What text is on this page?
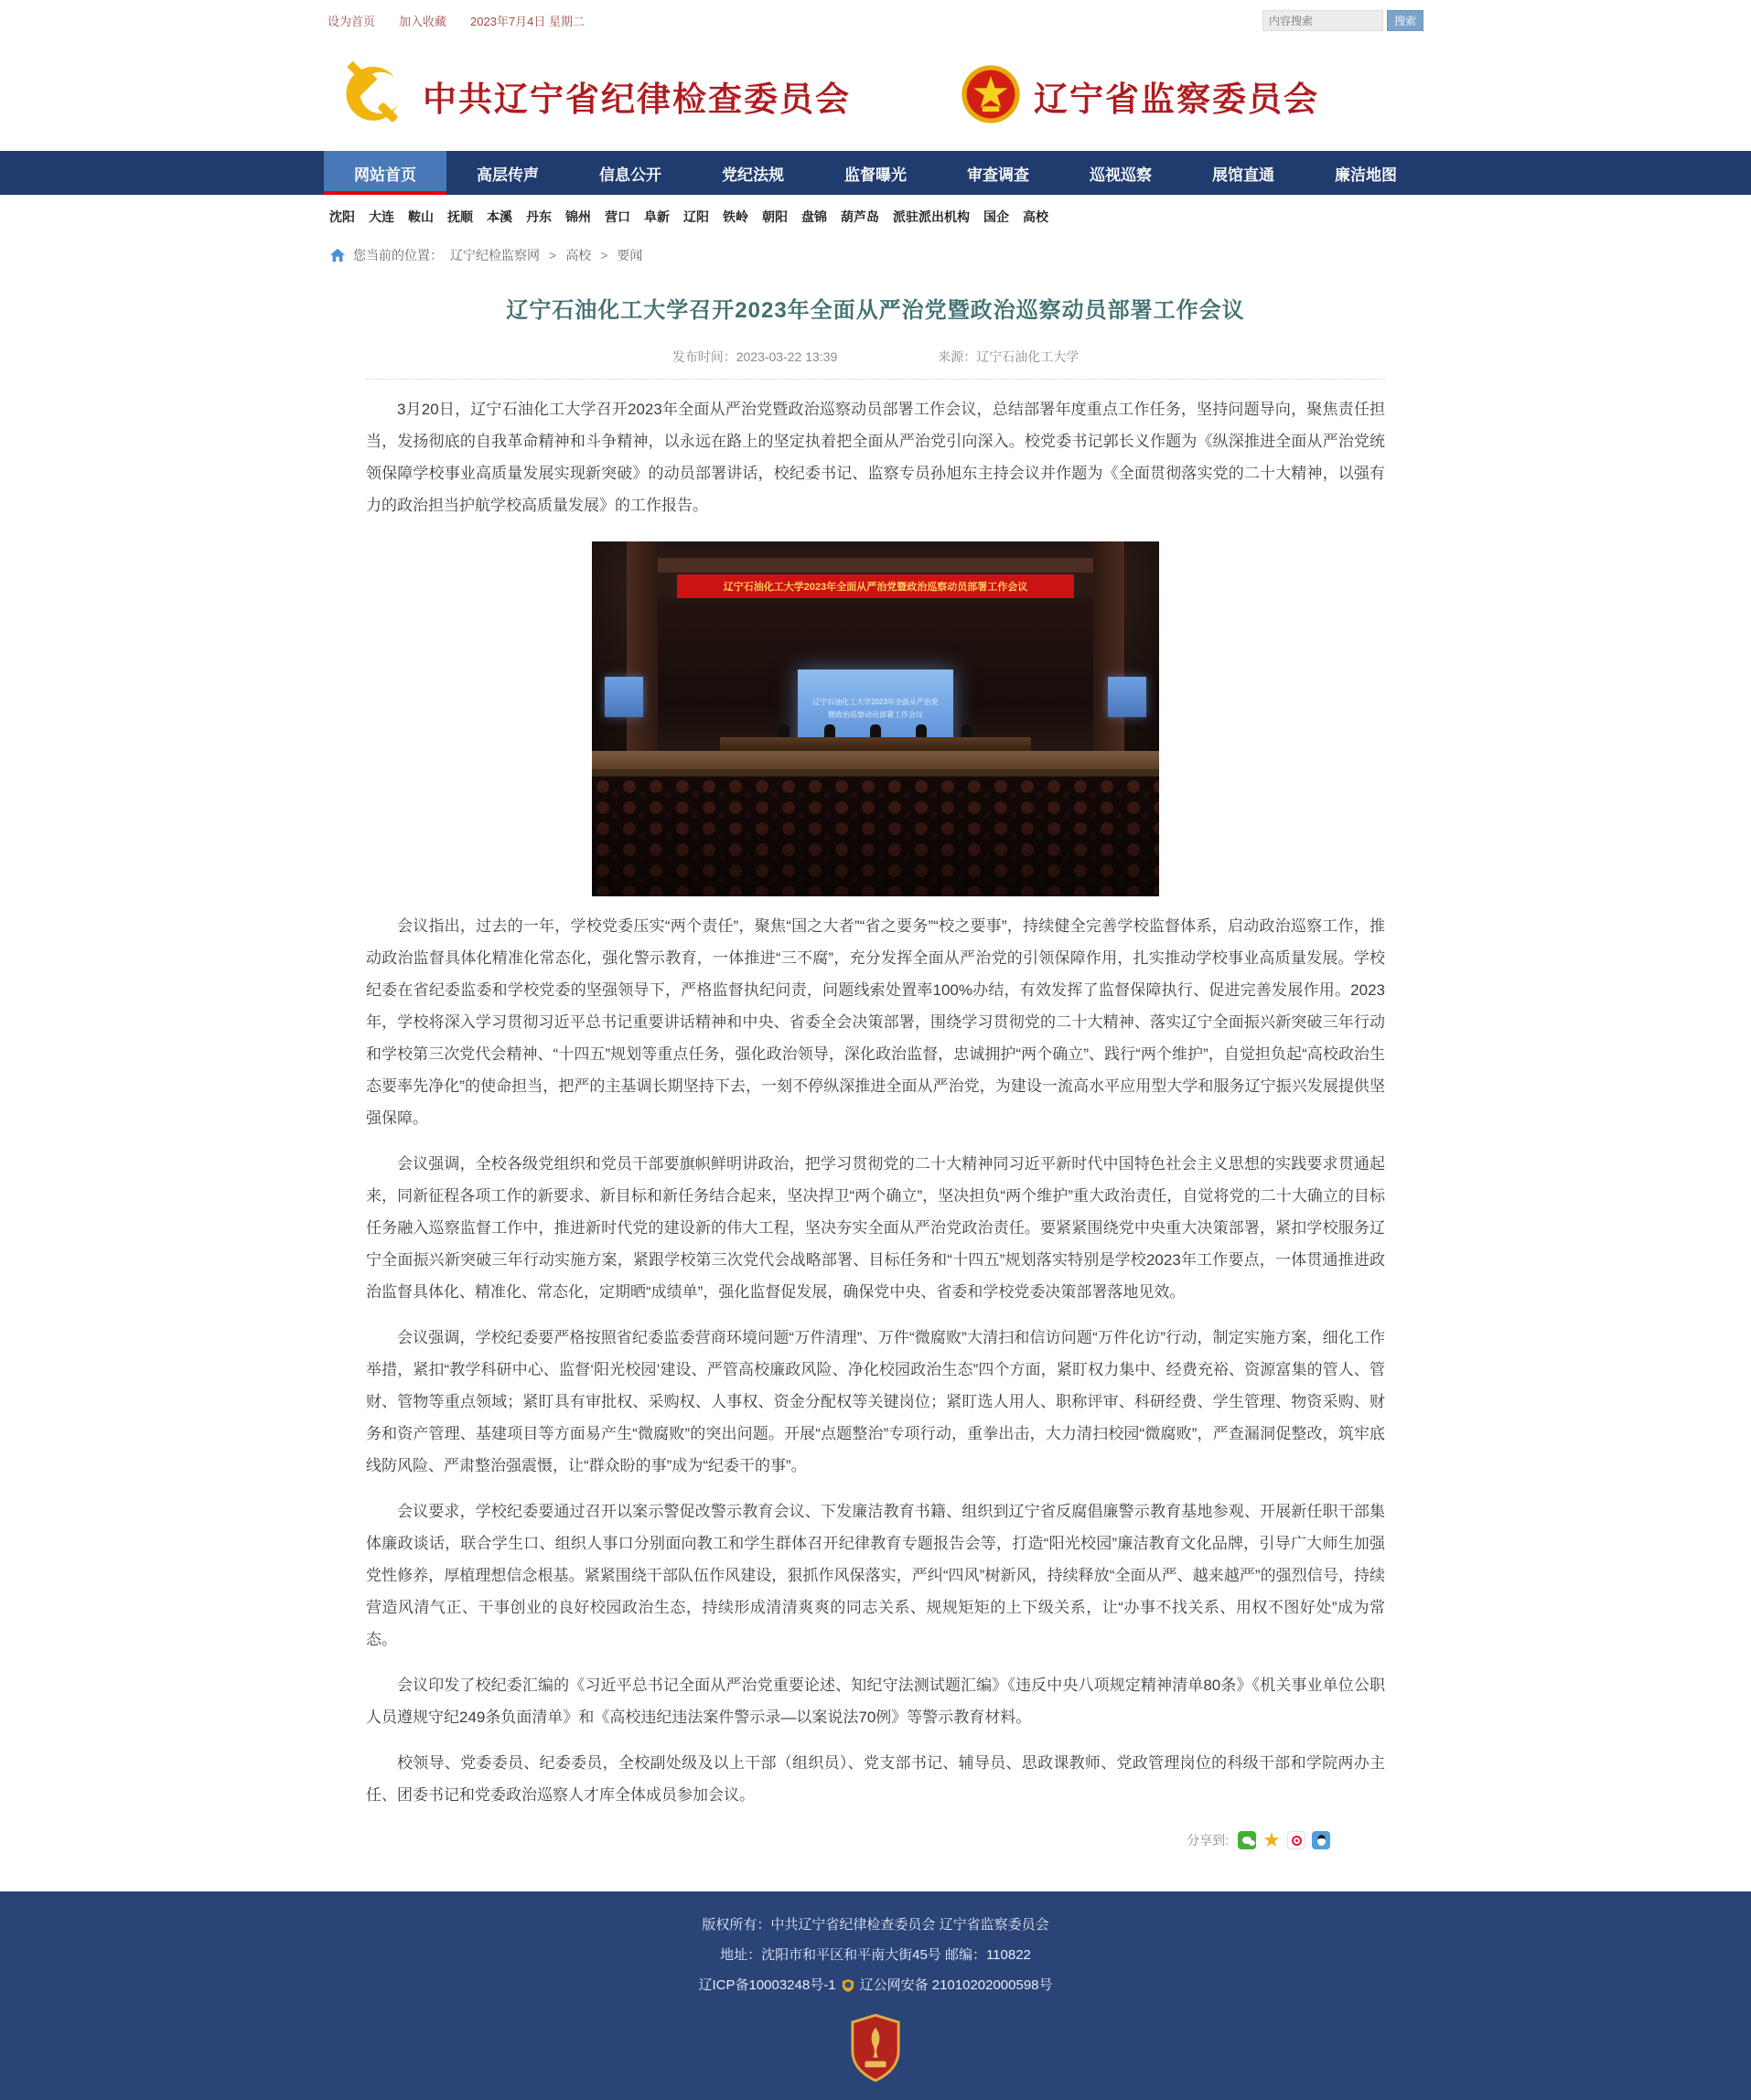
设为首页 加入收藏 2023年7月4日 星期二
内容搜索	搜索
中共辽宁省纪律检查委员会	辽宁省监察委员会
网站首页	高层传声	信息公开	党纪法规	监督曝光	审查调查	巡视巡察	展馆直通	廉洁地图
沈阳 大连 鞍山 抚顺 本溪 丹东 锦州 营口 阜新 辽阳 铁岭 朝阳 盘锦 葫芦岛 派驻派出机构 国企 高校
您当前的位置： 辽宁纪检监察网 > 高校 > 要闻
辽宁石油化工大学召开2023年全面从严治党暨政治巡察动员部署工作会议
发布时间：2023-03-22 13:39	来源：辽宁石油化工大学

3月20日，辽宁石油化工大学召开2023年全面从严治党暨政治巡察动员部署工作会议，总结部署年度重点工作任务，坚持问题导向，聚焦责任担当，发扬彻底的自我革命精神和斗争精神，以永远在路上的坚定执着把全面从严治党引向深入。校党委书记郭长义作题为《纵深推进全面从严治党统领保障学校事业高质量发展实现新突破》的动员部署讲话，校纪委书记、监察专员孙旭东主持会议并作题为《全面贯彻落实党的二十大精神，以强有力的政治担当护航学校高质量发展》的工作报告。

辽宁石油化工大学2023年全面从严治党暨政治巡察动员部署工作会议
辽宁石油化工大学2023年全面从严治党
暨政治巡察动员部署工作会议

会议指出，过去的一年，学校党委压实“两个责任”，聚焦“国之大者”“省之要务”“校之要事”，持续健全完善学校监督体系，启动政治巡察工作，推动政治监督具体化精准化常态化，强化警示教育，一体推进“三不腐”，充分发挥全面从严治党的引领保障作用，扎实推动学校事业高质量发展。学校纪委在省纪委监委和学校党委的坚强领导下，严格监督执纪问责，问题线索处置率100%办结，有效发挥了监督保障执行、促进完善发展作用。2023年，学校将深入学习贯彻习近平总书记重要讲话精神和中央、省委全会决策部署，围绕学习贯彻党的二十大精神、落实辽宁全面振兴新突破三年行动和学校第三次党代会精神、“十四五”规划等重点任务，强化政治领导，深化政治监督，忠诚拥护“两个确立”、践行“两个维护”，自觉担负起“高校政治生态要率先净化”的使命担当，把严的主基调长期坚持下去，一刻不停纵深推进全面从严治党，为建设一流高水平应用型大学和服务辽宁振兴发展提供坚强保障。

会议强调，全校各级党组织和党员干部要旗帜鲜明讲政治，把学习贯彻党的二十大精神同习近平新时代中国特色社会主义思想的实践要求贯通起来，同新征程各项工作的新要求、新目标和新任务结合起来，坚决捍卫“两个确立”，坚决担负“两个维护”重大政治责任，自觉将党的二十大确立的目标任务融入巡察监督工作中，推进新时代党的建设新的伟大工程，坚决夯实全面从严治党政治责任。要紧紧围绕党中央重大决策部署，紧扣学校服务辽宁全面振兴新突破三年行动实施方案，紧跟学校第三次党代会战略部署、目标任务和“十四五”规划落实特别是学校2023年工作要点，一体贯通推进政治监督具体化、精准化、常态化，定期晒“成绩单”，强化监督促发展，确保党中央、省委和学校党委决策部署落地见效。

会议强调，学校纪委要严格按照省纪委监委营商环境问题“万件清理”、万件“微腐败”大清扫和信访问题“万件化访”行动，制定实施方案，细化工作举措，紧扣“教学科研中心、监督‘阳光校园’建设、严管高校廉政风险、净化校园政治生态”四个方面，紧盯权力集中、经费充裕、资源富集的管人、管财、管物等重点领域；紧盯具有审批权、采购权、人事权、资金分配权等关键岗位；紧盯选人用人、职称评审、科研经费、学生管理、物资采购、财务和资产管理、基建项目等方面易产生“微腐败”的突出问题。开展“点题整治”专项行动，重拳出击，大力清扫校园“微腐败”，严查漏洞促整改，筑牢底线防风险、严肃整治强震慑，让“群众盼的事”成为“纪委干的事”。

会议要求，学校纪委要通过召开以案示警促改警示教育会议、下发廉洁教育书籍、组织到辽宁省反腐倡廉警示教育基地参观、开展新任职干部集体廉政谈话，联合学生口、组织人事口分别面向教工和学生群体召开纪律教育专题报告会等，打造“阳光校园”廉洁教育文化品牌，引导广大师生加强党性修养，厚植理想信念根基。紧紧围绕干部队伍作风建设，狠抓作风保落实，严纠“四风”树新风，持续释放“全面从严、越来越严”的强烈信号，持续营造风清气正、干事创业的良好校园政治生态，持续形成清清爽爽的同志关系、规规矩矩的上下级关系，让“办事不找关系、用权不图好处”成为常态。

会议印发了校纪委汇编的《习近平总书记全面从严治党重要论述、知纪守法测试题汇编》《违反中央八项规定精神清单80条》《机关事业单位公职人员遵规守纪249条负面清单》和《高校违纪违法案件警示录—以案说法70例》等警示教育材料。

校领导、党委委员、纪委委员，全校副处级及以上干部（组织员）、党支部书记、辅导员、思政课教师、党政管理岗位的科级干部和学院两办主任、团委书记和党委政治巡察人才库全体成员参加会议。

分享到: ★
版权所有：中共辽宁省纪律检查委员会 辽宁省监察委员会
地址：沈阳市和平区和平南大街45号 邮编：110822
辽ICP备10003248号-1 辽公网安备 21010202000598号
